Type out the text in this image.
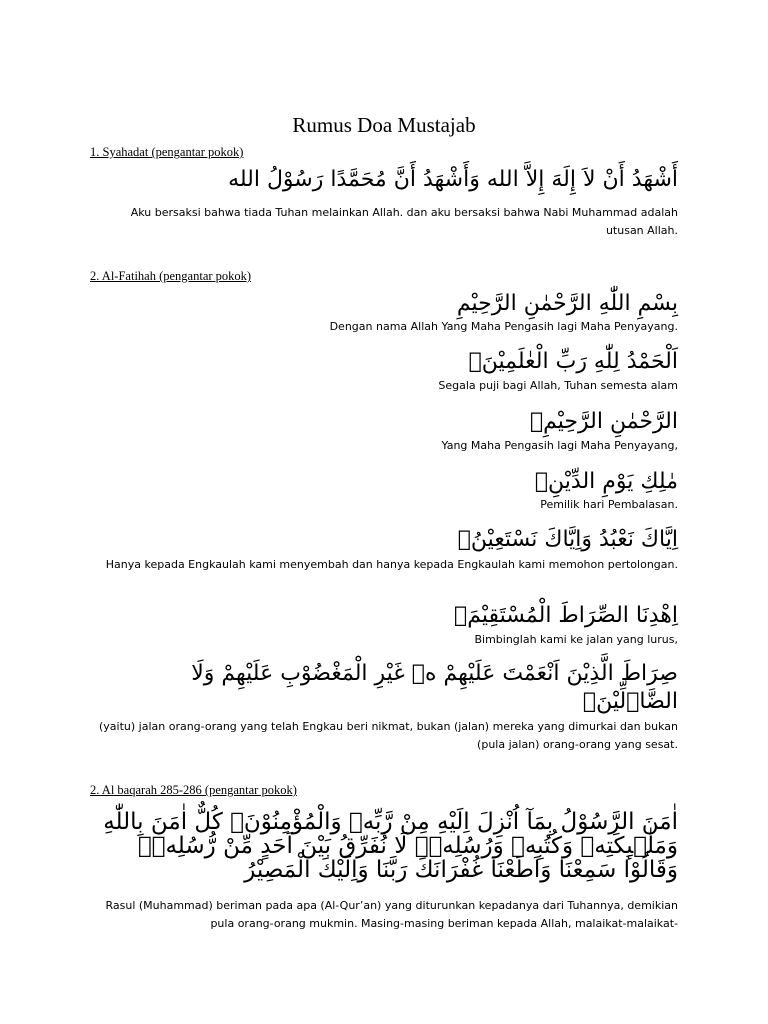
Rumus Doa Mustajab
1. Syahadat (pengantar pokok)
أَشْهَدُ أَنْ لاَ إِلَهَ إِلاَّ الله وَأَشْهَدُ أَنَّ مُحَمَّدًا رَسُوْلُ الله
Aku bersaksi bahwa tiada Tuhan melainkan Allah. dan aku bersaksi bahwa Nabi Muhammad adalah utusan Allah.
2. Al-Fatihah (pengantar pokok)
بِسْمِ اللّٰهِ الرَّحْمٰنِ الرَّحِيْمِ
Dengan nama Allah Yang Maha Pengasih lagi Maha Penyayang.
اَلْحَمْدُ لِلّٰهِ رَبِّ الْعٰلَمِيْنَۙ
Segala puji bagi Allah, Tuhan semesta alam
الرَّحْمٰنِ الرَّحِيْمِۙ
Yang Maha Pengasih lagi Maha Penyayang,
مٰلِكِ يَوْمِ الدِّيْنِۗ
Pemilik hari Pembalasan.
اِيَّاكَ نَعْبُدُ وَاِيَّاكَ نَسْتَعِيْنُۗ
Hanya kepada Engkaulah kami menyembah dan hanya kepada Engkaulah kami memohon pertolongan.
اِهْدِنَا الصِّرَاطَ الْمُسْتَقِيْمَۙ
Bimbinglah kami ke jalan yang lurus,
صِرَاطَ الَّذِيْنَ اَنْعَمْتَ عَلَيْهِمْ ەۙ غَيْرِ الْمَغْضُوْبِ عَلَيْهِمْ وَلَا الضَّاۤلِّيْنَࣖ
(yaitu) jalan orang-orang yang telah Engkau beri nikmat, bukan (jalan) mereka yang dimurkai dan bukan (pula jalan) orang-orang yang sesat.
2. Al baqarah 285-286 (pengantar pokok)
اٰمَنَ الرَّسُوْلُ بِمَآ اُنْزِلَ اِلَيْهِ مِنْ رَّبِّهٖ وَالْمُؤْمِنُوْنَۗ كُلٌّ اٰمَنَ بِاللّٰهِ وَمَلٰۤىِٕكَتِهٖ وَكُتُبِهٖ وَرُسُلِهٖۗ لَا نُفَرِّقُ بَيْنَ اَحَدٍ مِّنْ رُّسُلِهٖۗ وَقَالُوْا سَمِعْنَا وَاَطَعْنَا غُفْرَانَكَ رَبَّنَا وَاِلَيْكَ الْمَصِيْرُ
Rasul (Muhammad) beriman pada apa (Al-Qur’an) yang diturunkan kepadanya dari Tuhannya, demikian pula orang-orang mukmin. Masing-masing beriman kepada Allah, malaikat-malaikat-
